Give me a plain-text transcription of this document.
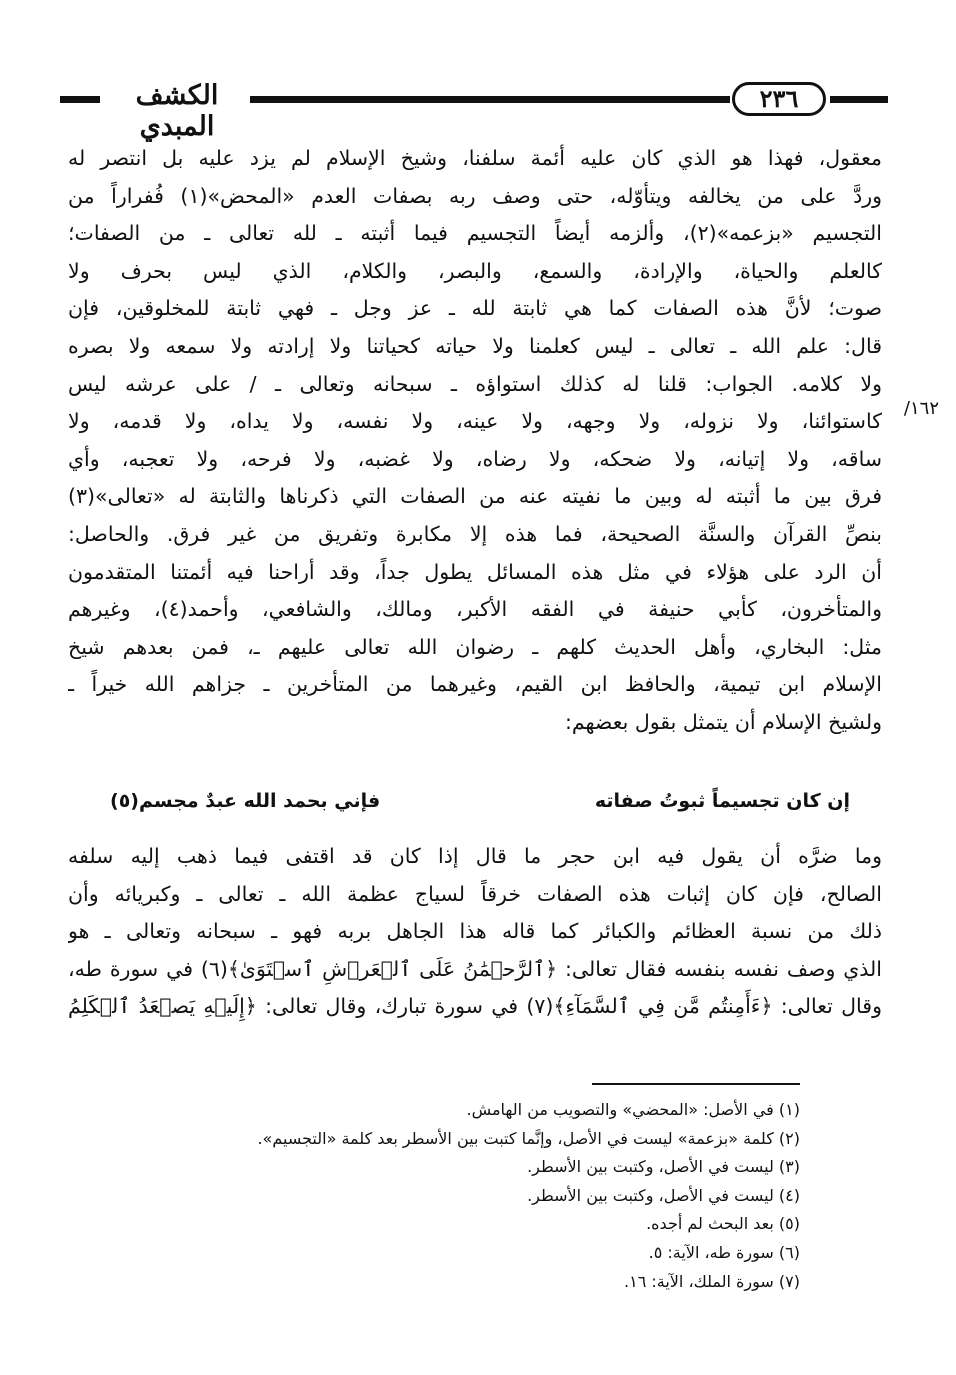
الكشف المبدي
٢٣٦
١٦٢/
معقول، فهذا هو الذي كان عليه أئمة سلفنا، وشيخ الإسلام لم يزد عليه بل انتصر له
وردَّ على من يخالفه ويتأوّله، حتى وصف ربه بصفات العدم «المحض»(١) فُفراراً من
التجسيم «بزعمه»(٢)، وألزمه أيضاً التجسيم فيما أثبته ـ لله تعالى ـ من الصفات؛
كالعلم والحياة، والإرادة، والسمع، والبصر، والكلام، الذي ليس بحرف ولا
صوت؛ لأنَّ هذه الصفات كما هي ثابتة لله ـ عز وجل ـ فهي ثابتة للمخلوقين، فإن
قال: علم الله ـ تعالى ـ ليس كعلمنا ولا حياته كحياتنا ولا إرادته ولا سمعه ولا بصره
ولا كلامه. الجواب: قلنا له كذلك استواؤه ـ سبحانه وتعالى ـ / على عرشه ليس
كاستوائنا، ولا نزوله، ولا وجهه، ولا عينه، ولا نفسه، ولا يداه، ولا قدمه، ولا
ساقه، ولا إتيانه، ولا ضحكه، ولا رضاه، ولا غضبه، ولا فرحه، ولا تعجبه، وأي
فرق بين ما أثبته له وبين ما نفيته عنه من الصفات التي ذكرناها والثابتة له «تعالى»(٣)
بنصِّ القرآن والسنَّة الصحيحة، فما هذه إلا مكابرة وتفريق من غير فرق. والحاصل:
أن الرد على هؤلاء في مثل هذه المسائل يطول جداً، وقد أراحنا فيه أئمتنا المتقدمون
والمتأخرون، كأبي حنيفة في الفقه الأكبر، ومالك، والشافعي، وأحمد(٤)، وغيرهم
مثل: البخاري، وأهل الحديث كلهم ـ رضوان الله تعالى عليهم ـ، فمن بعدهم شيخ
الإسلام ابن تيمية، والحافظ ابن القيم، وغيرهما من المتأخرين ـ جزاهم الله خيراً ـ
ولشيخ الإسلام أن يتمثل بقول بعضهم:
إن كان تجسيماً ثبوتُ صفاته
فإني بحمد الله عبدٌ مجسم(٥)
وما ضرَّه أن يقول فيه ابن حجر ما قال إذا كان قد اقتفى فيما ذهب إليه سلفه
الصالح، فإن كان إثبات هذه الصفات خرقاً لسياج عظمة الله ـ تعالى ـ وكبريائه وأن
ذلك من نسبة العظائم والكبائر كما قاله هذا الجاهل بربه فهو ـ سبحانه وتعالى ـ هو
الذي وصف نفسه بنفسه فقال تعالى: ﴿ٱلرَّحۡمَٰنُ عَلَى ٱلۡعَرۡشِ ٱسۡتَوَىٰ﴾(٦) في سورة طه،
وقال تعالى: ﴿ءَأَمِنتُم مَّن فِي ٱلسَّمَآءِ﴾(٧) في سورة تبارك، وقال تعالى: ﴿إِلَيۡهِ يَصۡعَدُ ٱلۡكَلِمُ
(١) في الأصل: «المحضي» والتصويب من الهامش.
(٢) كلمة «بزعمة» ليست في الأصل، وإنَّما كتبت بين الأسطر بعد كلمة «التجسيم».
(٣) ليست في الأصل، وكتبت بين الأسطر.
(٤) ليست في الأصل، وكتبت بين الأسطر.
(٥) بعد البحث لم أجده.
(٦) سورة طه، الآية: ٥.
(٧) سورة الملك، الآية: ١٦.
